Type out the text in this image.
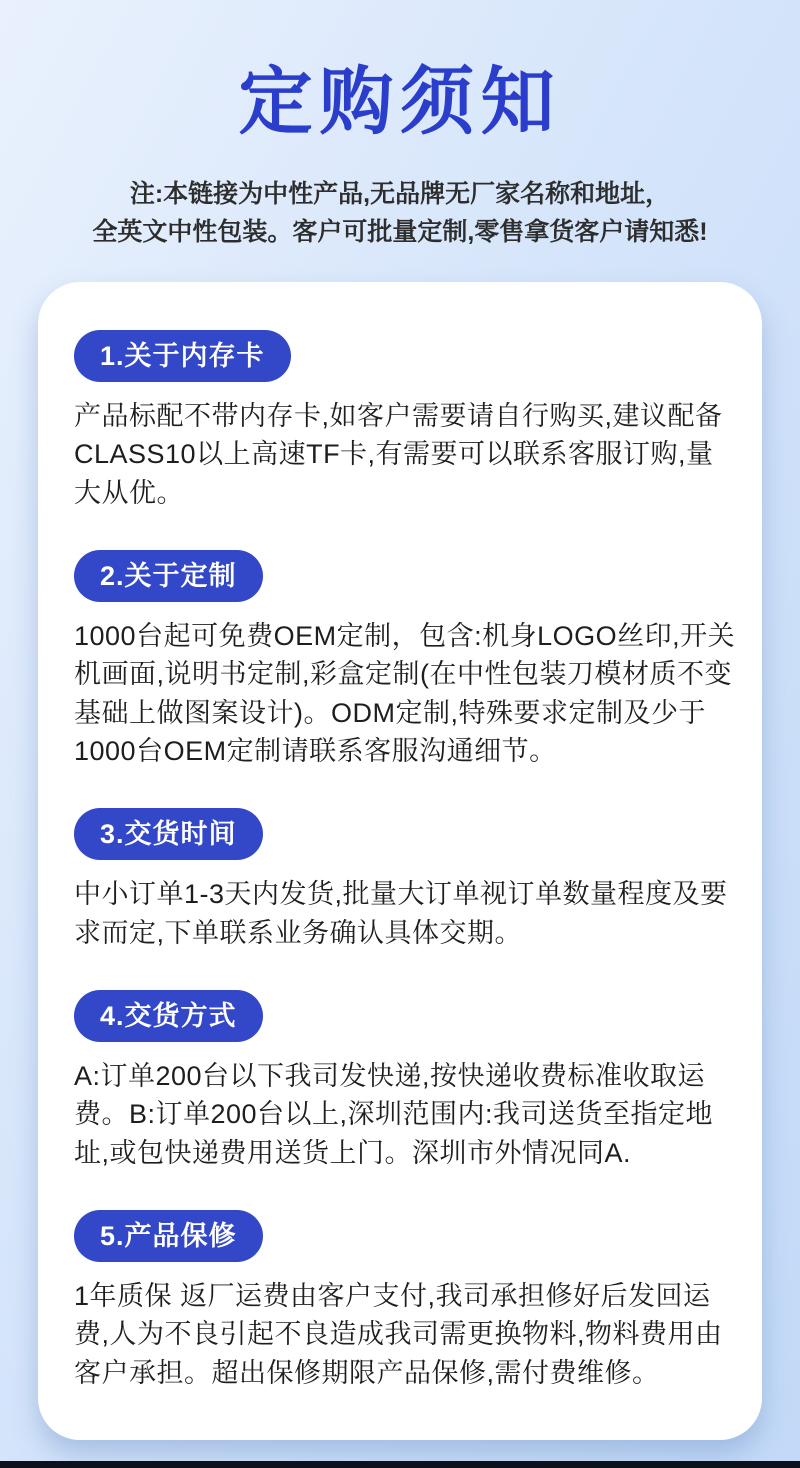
定购须知

注:本链接为中性产品,无品牌无厂家名称和地址，
全英文中性包装。客户可批量定制,零售拿货客户请知悉!

1.关于内存卡

产品标配不带内存卡,如客户需要请自行购买,建议配备CLASS10以上高速TF卡,有需要可以联系客服订购,量大从优。

2.关于定制

1000台起可免费OEM定制，包含:机身LOGO丝印,开关机画面,说明书定制,彩盒定制(在中性包装刀模材质不变基础上做图案设计)。ODM定制,特殊要求定制及少于1000台OEM定制请联系客服沟通细节。

3.交货时间

中小订单1-3天内发货,批量大订单视订单数量程度及要求而定,下单联系业务确认具体交期。

4.交货方式

A:订单200台以下我司发快递,按快递收费标准收取运费。B:订单200台以上,深圳范围内:我司送货至指定地址,或包快递费用送货上门。深圳市外情况同A.

5.产品保修

1年质保 返厂运费由客户支付,我司承担修好后发回运费,人为不良引起不良造成我司需更换物料,物料费用由客户承担。超出保修期限产品保修,需付费维修。
